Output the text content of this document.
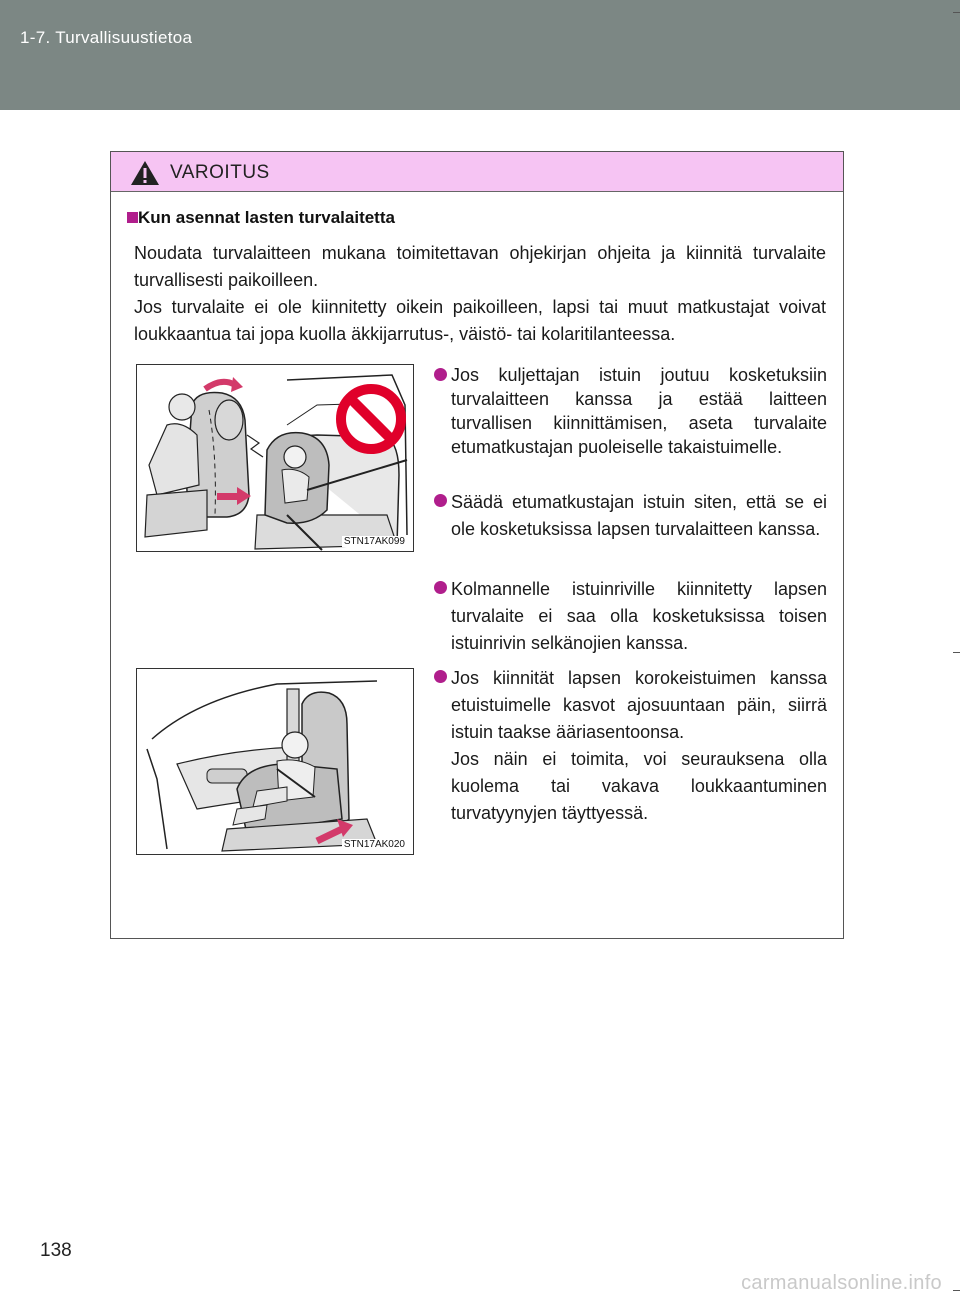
1-7. Turvallisuustietoa
VAROITUS
Kun asennat lasten turvalaitetta

Noudata turvalaitteen mukana toimitettavan ohjekirjan ohjeita ja kiinnitä turvalaite turvallisesti paikoilleen.

Jos turvalaite ei ole kiinnitetty oikein paikoilleen, lapsi tai muut matkustajat voivat loukkaantua tai jopa kuolla äkkijarrutus-, väistö- tai kolaritilanteessa.

STN17AK099
STN17AK020

Jos kuljettajan istuin joutuu kosketuksiin turvalaitteen kanssa ja estää laitteen turvallisen kiinnittämisen, aseta turvalaite etumatkustajan puoleiselle takaistuimelle.

Säädä etumatkustajan istuin siten, että se ei ole kosketuksissa lapsen turvalaitteen kanssa.

Kolmannelle istuinriville kiinnitetty lapsen turvalaite ei saa olla kosketuksissa toisen istuinrivin selkänojien kanssa.

Jos kiinnität lapsen korokeistuimen kanssa etuistuimelle kasvot ajosuuntaan päin, siirrä istuin taakse ääriasentoonsa.

Jos näin ei toimita, voi seurauksena olla kuolema tai vakava loukkaantuminen turvatyynyjen täyttyessä.

138
carmanualsonline.info
